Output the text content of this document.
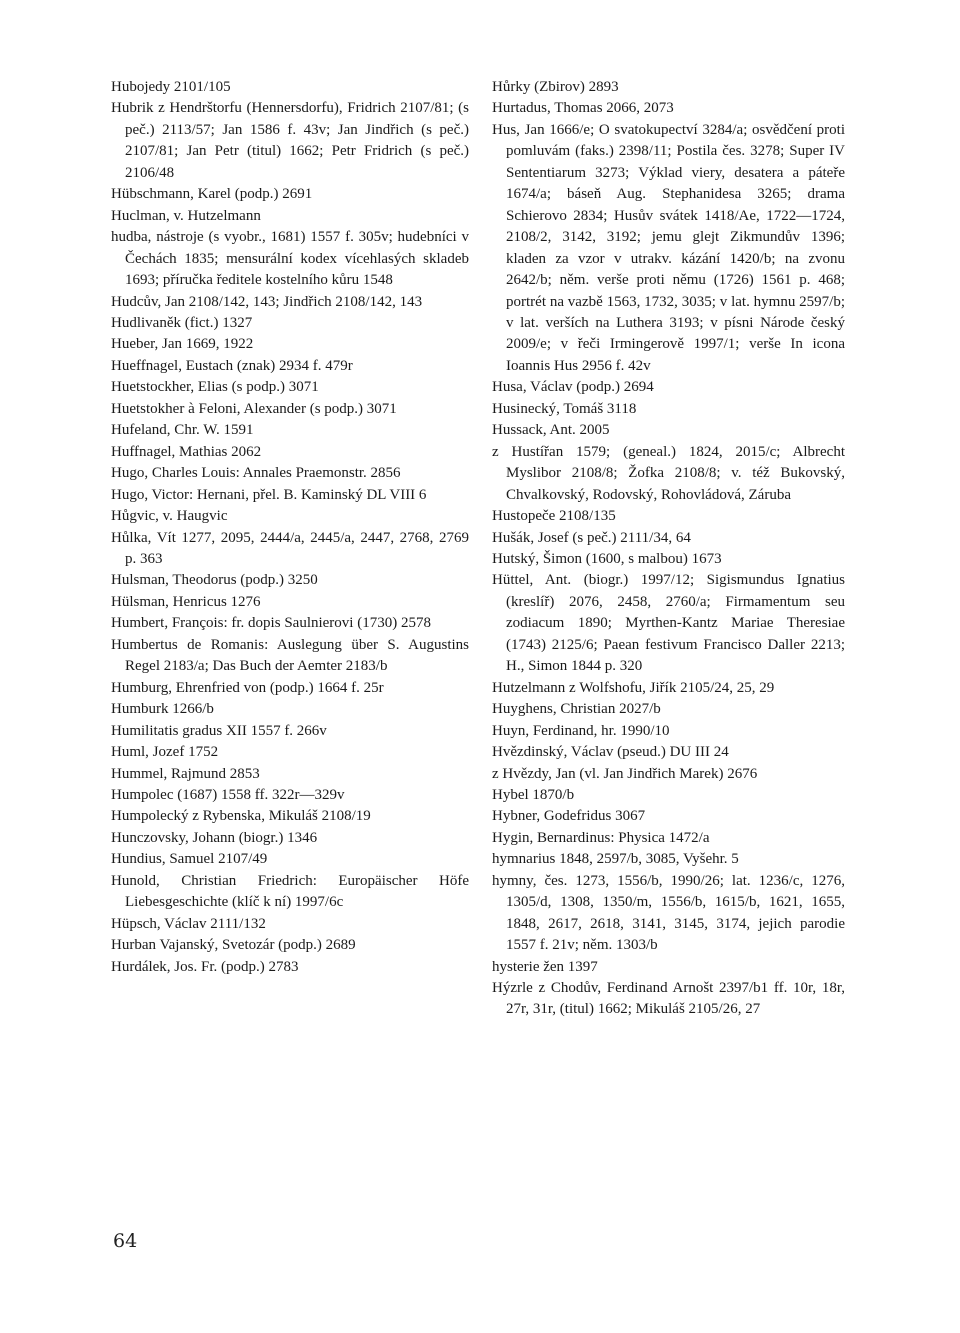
Hubojedy 2101/105

Hubrik z Hendrštorfu (Hennersdorfu), Fridrich 2107/81; (s peč.) 2113/57; Jan 1586 f. 43v; Jan Jindřich (s peč.) 2107/81; Jan Petr (titul) 1662; Petr Fridrich (s peč.) 2106/48

Hübschmann, Karel (podp.) 2691

Huclman, v. Hutzelmann

hudba, nástroje (s vyobr., 1681) 1557 f. 305v; hudebníci v Čechách 1835; mensurální kodex vícehlasých skladeb 1693; příručka ředitele kostelního kůru 1548

Hudcův, Jan 2108/142, 143; Jindřich 2108/142, 143

Hudlivaněk (fict.) 1327

Hueber, Jan 1669, 1922

Hueffnagel, Eustach (znak) 2934 f. 479r

Huetstockher, Elias (s podp.) 3071

Huetstokher à Feloni, Alexander (s podp.) 3071

Hufeland, Chr. W. 1591

Huffnagel, Mathias 2062

Hugo, Charles Louis: Annales Praemonstr. 2856

Hugo, Victor: Hernani, přel. B. Kaminský DL VIII 6

Hůgvic, v. Haugvic

Hůlka, Vít 1277, 2095, 2444/a, 2445/a, 2447, 2768, 2769 p. 363

Hulsman, Theodorus (podp.) 3250

Hülsman, Henricus 1276

Humbert, François: fr. dopis Saulnierovi (1730) 2578

Humbertus de Romanis: Auslegung über S. Augustins Regel 2183/a; Das Buch der Aemter 2183/b

Humburg, Ehrenfried von (podp.) 1664 f. 25r

Humburk 1266/b

Humilitatis gradus XII 1557 f. 266v

Huml, Jozef 1752

Hummel, Rajmund 2853

Humpolec (1687) 1558 ff. 322r—329v

Humpolecký z Rybenska, Mikuláš 2108/19

Hunczovsky, Johann (biogr.) 1346

Hundius, Samuel 2107/49

Hunold, Christian Friedrich: Europäischer Höfe Liebesgeschichte (klíč k ní) 1997/6c

Hüpsch, Václav 2111/132

Hurban Vajanský, Svetozár (podp.) 2689

Hurdálek, Jos. Fr. (podp.) 2783

Hůrky (Zbirov) 2893

Hurtadus, Thomas 2066, 2073

Hus, Jan 1666/e; O svatokupectví 3284/a; osvědčení proti pomluvám (faks.) 2398/11; Postila čes. 3278; Super IV Sententiarum 3273; Výklad viery, desatera a páteře 1674/a; báseň Aug. Stephanidesa 3265; drama Schierovo 2834; Husův svátek 1418/Ae, 1722—1724, 2108/2, 3142, 3192; jemu glejt Zikmundův 1396; kladen za vzor v utrakv. kázání 1420/b; na zvonu 2642/b; něm. verše proti němu (1726) 1561 p. 468; portrét na vazbě 1563, 1732, 3035; v lat. hymnu 2597/b; v lat. verších na Luthera 3193; v písni Národe český 2009/e; v řeči Irmingerově 1997/1; verše In icona Ioannis Hus 2956 f. 42v

Husa, Václav (podp.) 2694

Husinecký, Tomáš 3118

Hussack, Ant. 2005

z Hustířan 1579; (geneal.) 1824, 2015/c; Albrecht Myslibor 2108/8; Žofka 2108/8; v. též Bukovský, Chvalkovský, Rodovský, Rohovládová, Záruba

Hustopeče 2108/135

Hušák, Josef (s peč.) 2111/34, 64

Hutský, Šimon (1600, s malbou) 1673

Hüttel, Ant. (biogr.) 1997/12; Sigismundus Ignatius (kreslíř) 2076, 2458, 2760/a; Firmamentum seu zodiacum 1890; Myrthen-Kantz Mariae Theresiae (1743) 2125/6; Paean festivum Francisco Daller 2213; H., Simon 1844 p. 320

Hutzelmann z Wolfshofu, Jiřík 2105/24, 25, 29

Huyghens, Christian 2027/b

Huyn, Ferdinand, hr. 1990/10

Hvězdinský, Václav (pseud.) DU III 24

z Hvězdy, Jan (vl. Jan Jindřich Marek) 2676

Hybel 1870/b

Hybner, Godefridus 3067

Hygin, Bernardinus: Physica 1472/a

hymnarius 1848, 2597/b, 3085, Vyšehr. 5

hymny, čes. 1273, 1556/b, 1990/26; lat. 1236/c, 1276, 1305/d, 1308, 1350/m, 1556/b, 1615/b, 1621, 1655, 1848, 2617, 2618, 3141, 3145, 3174, jejich parodie 1557 f. 21v; něm. 1303/b

hysterie žen 1397

Hýzrle z Chodův, Ferdinand Arnošt 2397/b1 ff. 10r, 18r, 27r, 31r, (titul) 1662; Mikuláš 2105/26, 27

64
